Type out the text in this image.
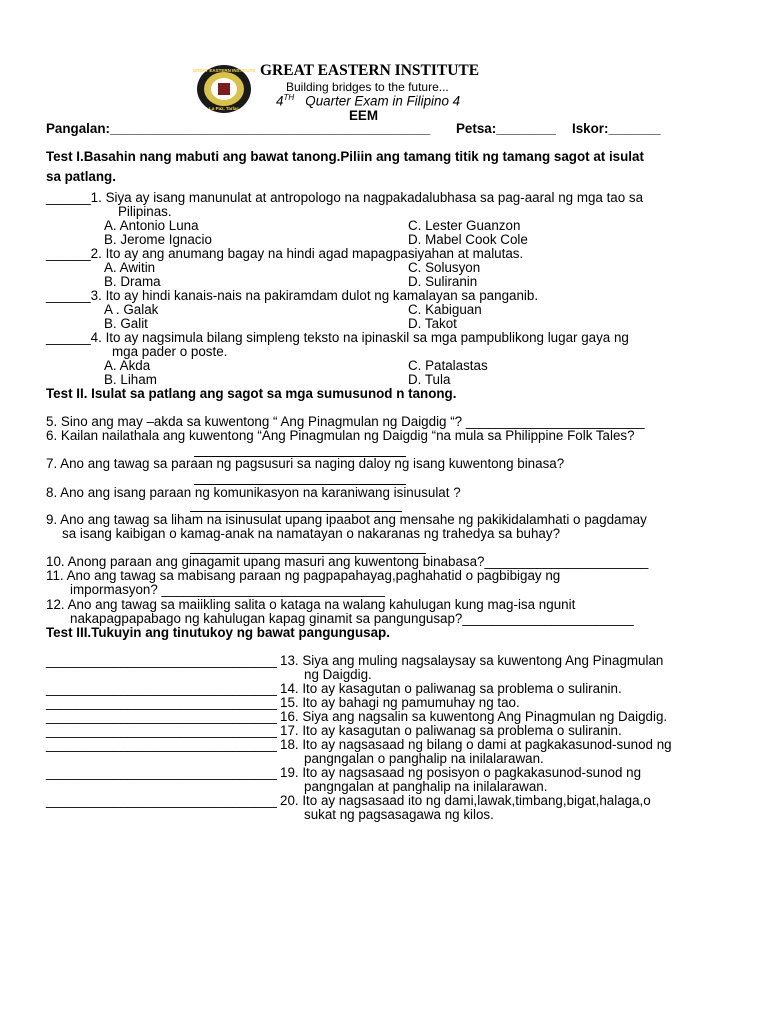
GREAT EASTERN INSTITUTE
La Paz, Tarlac
GREAT EASTERN INSTITUTE
Building bridges to the future...
4TH Quarter Exam in Filipino 4
EEM
Pangalan:___________________________________________ Petsa:________ Iskor:_______
Test I.Basahin nang mabuti ang bawat tanong.Piliin ang tamang titik ng tamang sagot at isulat
sa patlang.
______1. Siya ay isang manunulat at antropologo na nagpakadalubhasa sa pag-aaral ng mga tao sa
Pilipinas.
A. Antonio Luna	C. Lester Guanzon
B. Jerome Ignacio	D. Mabel Cook Cole
______2. Ito ay ang anumang bagay na hindi agad mapagpasiyahan at malutas.
A. Awitin	C. Solusyon
B. Drama	D. Suliranin
______3. Ito ay hindi kanais-nais na pakiramdam dulot ng kamalayan sa panganib.
A . Galak	C. Kabiguan
B. Galit	D. Takot
______4. Ito ay nagsimula bilang simpleng teksto na ipinaskil sa mga pampublikong lugar gaya ng
mga pader o poste.
A. Akda	C. Patalastas
B. Liham	D. Tula
Test II. Isulat sa patlang ang sagot sa mga sumusunod n tanong.
5. Sino ang may –akda sa kuwentong “ Ang Pinagmulan ng Daigdig “? ________________________
6. Kailan nailathala ang kuwentong “Ang Pinagmulan ng Daigdig “na mula sa Philippine Folk Tales?
7. Ano ang tawag sa paraan ng pagsusuri sa naging daloy ng isang kuwentong binasa?
8. Ano ang isang paraan ng komunikasyon na karaniwang isinusulat ?
9. Ano ang tawag sa liham na isinusulat upang ipaabot ang mensahe ng pakikidalamhati o pagdamay
sa isang kaibigan o kamag-anak na namatayan o nakaranas ng trahedya sa buhay?
10. Anong paraan ang ginagamit upang masuri ang kuwentong binabasa?______________________
11. Ano ang tawag sa mabisang paraan ng pagpapahayag,paghahatid o pagbibigay ng
impormasyon? ______________________________
12. Ano ang tawag sa maiikling salita o kataga na walang kahulugan kung mag-isa ngunit
nakapagpapabago ng kahulugan kapag ginamit sa pangungusap?_______________________
Test III.Tukuyin ang tinutukoy ng bawat pangungusap.
_______________________________ 13. Siya ang muling nagsalaysay sa kuwentong Ang Pinagmulan
ng Daigdig.
_______________________________ 14. Ito ay kasagutan o paliwanag sa problema o suliranin.
_______________________________ 15. Ito ay bahagi ng pamumuhay ng tao.
_______________________________ 16. Siya ang nagsalin sa kuwentong Ang Pinagmulan ng Daigdig.
_______________________________ 17. Ito ay kasagutan o paliwanag sa problema o suliranin.
_______________________________ 18. Ito ay nagsasaad ng bilang o dami at pagkakasunod-sunod ng
pangngalan o panghalip na inilalarawan.
_______________________________ 19. Ito ay nagsasaad ng posisyon o pagkakasunod-sunod ng
pangngalan at panghalip na inilalarawan.
_______________________________ 20. Ito ay nagsasaad ito ng dami,lawak,timbang,bigat,halaga,o
sukat ng pagsasagawa ng kilos.
